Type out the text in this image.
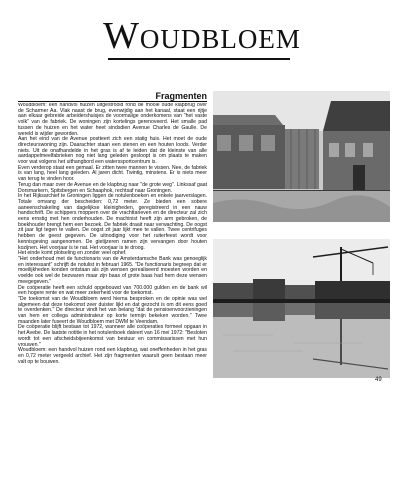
Woudbloem
Fragmenten

Woudbloem: een handvol huizen uitgestrooid rond de mooie oude klapbrug over de Scharmer Aa. Vlak naast de brug, evenwijdig aan het kanaal, staat een rijtje aan elkaar gebreide arbeidershuisjes de voormalige onderkomens van "het vaste volk" van de fabriek. De woningen zijn kortelings gerenoveerd. Het smalle pad tussen de huizen en het water heet sindsdien Avenue Charles de Gaulle. De wereld is wijder geworden.

Aan het eind van de Avenue postteert zich een statig huis. Het moet de oude directeurswoning zijn. Daarachter staan een stenen en een houten loods. Verder niets. Uit de onafhandelde in het gras is af te leiden dat de kleinste van alle aardappelmeelfabrieken nog niet lang geleden gesloopt is om plaats te maken voor wat volgens het uithangbord een waterssportcentrum is.

Even verderop staat een gemaal. Er zitten twee mannen te vissen. Nee, de fabriek is van lang, heel lang geleden. Al jaren dicht. Twintig, minstens. Er is niets meer van terug te vinden hoor.

Terug dan maar over de Avenue en de klapbrug naar "de grote weg". Linkssaf gaat Dorsmarkern, Spitsbergen en Schaaphok, rechtsaf naar Groningen.

In het Rijksarchief te Groningen liggen de notulenboeken en enkele jaarverslagen. Totale omvang der bescheiden: 0,72 meter. Ze bieden een sobere aaneenschakeling van dagelijkse kleinigheden, geregistreerd in een nauw handschrift. De schippers moppern over de vrachttarieven en de directeur zal zich eens ernstig met hen onderhouden. De machinist heeft zijn arm gebroken, de boekhouder brengt hem een bezoek. De fabriek draait naar verwachting. De oogst zit jaar ligt tegen te vallen. De oogst zit jaar lijkt mee te vallen. Twee centrifuges hebben de geest gegeven. De uitnodiging voor het ruiterfeest wordt voor kennisgeving aangenomen. De gietijzeren ramen zijn vervangen door houten kozijnen. Het voorjaar is te nat. Het voorjaar is te droog.

Het einde komt plotseling en zonder veel ophef.

"Het onderhoud met de functionaris van de Amsterdamsche Bank was genoeglijk en interessant" schrijft de notulist in februari 1965. "De functionaris begreep dat er moeilijkheden konden ontstaan als zijn wensen gerealiseerd moesten worden en voelde ook wel de bezwaren maar zijn baas of grote baas had hem deze wensen meegegeven."

De coöperatie heeft een schuld opgebouwd van 700.000 gulden en de bank wil een hogere rente en wat meer zekerheid voor de toekomst.

"De toekomst van de Woudbloem werd hierna besproken en de opinie was wel algemeen dat deze toekomst zeer duister lijkt en dat gezocht is om dit eens goed te overdenken." De directeur vindt het van belang "dat de pensioenvoorzieningen van hem en collega administrateur op korte termijn bekeken worden." Twee maanden later fuseert de Woudbloem met DWM te Veendam.

De coöperatie blijft bestaan tot 1972, wanneer alle coöperaties formeel opgaan in het Avebe. De laatste notitie in het notulenboek dateert van 16 mei 1972: "Besloten wordt tot een afscheidsbijeenkomst van bestuur en commissarissen met hun vrouwen."

Woudbloem: een handvol huizen rond een klapbrug, wat oneffenheden in het gras en 0,72 meter vergeeld archief. Het zijn fragmenten waaruit geen bestaan meer valt op te bouwen.

49
